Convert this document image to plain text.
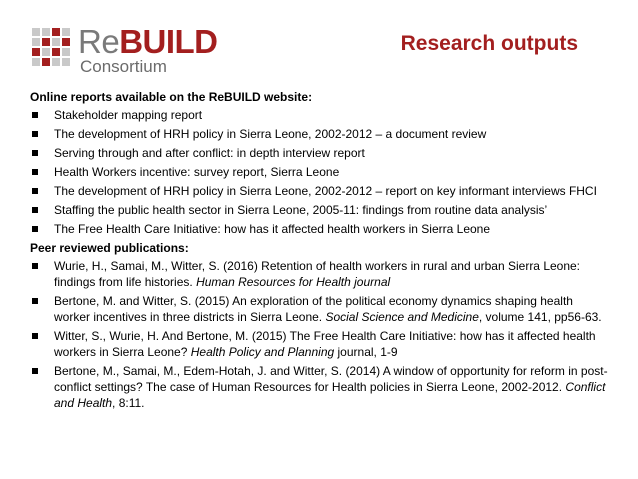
ReBUILD
Consortium
Research outputs
Online reports available on the ReBUILD website:
Stakeholder mapping report
The development of HRH policy in Sierra Leone, 2002-2012 – a document review
Serving through and after conflict: in depth interview report
Health Workers incentive: survey report, Sierra Leone
The development of HRH policy in Sierra Leone, 2002-2012 – report on key informant interviews FHCI
Staffing the public health sector in Sierra Leone, 2005-11: findings from routine data analysis’
The Free Health Care Initiative: how has it affected health workers in Sierra Leone
Peer reviewed publications:
Wurie, H., Samai, M., Witter, S. (2016) Retention of health workers in rural and urban Sierra Leone: findings from life histories. Human Resources for Health journal
Bertone, M. and Witter, S. (2015) An exploration of the political economy dynamics shaping health worker incentives in three districts in Sierra Leone. Social Science and Medicine, volume 141, pp56-63.
Witter, S., Wurie, H. And Bertone, M. (2015) The Free Health Care Initiative: how has it affected health workers in Sierra Leone? Health Policy and Planning journal, 1-9
Bertone, M., Samai, M., Edem-Hotah, J. and Witter, S. (2014) A window of opportunity for reform in post-conflict settings? The case of Human Resources for Health policies in Sierra Leone, 2002-2012. Conflict and Health, 8:11.
